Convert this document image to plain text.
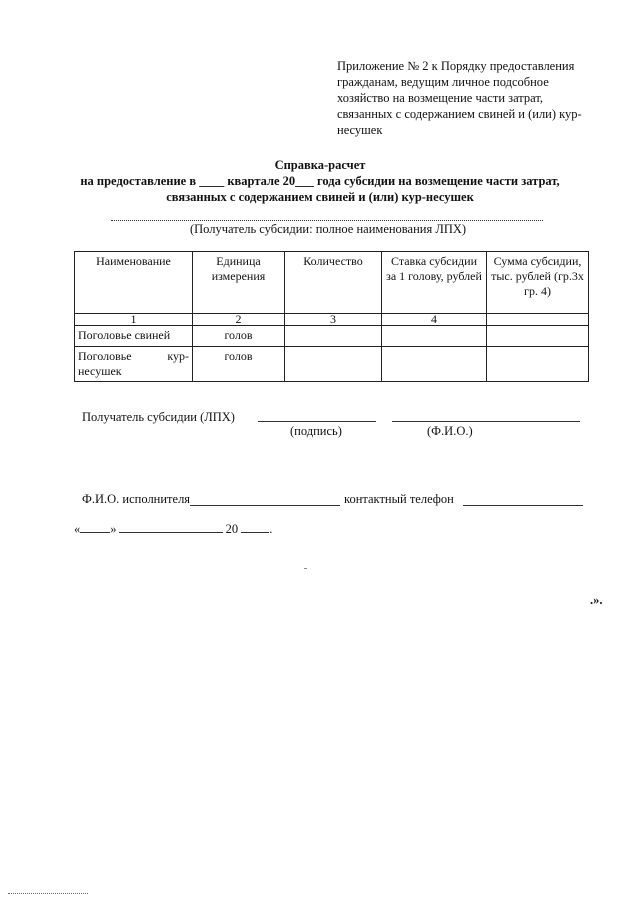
Приложение № 2 к Порядку предоставления
гражданам, ведущим личное подсобное
хозяйство на возмещение части затрат,
связанных с содержанием свиней и (или) кур-
несушек
Справка-расчет
на предоставление в ____ квартале 20___ года субсидии на возмещение части затрат,
связанных с содержанием свиней и (или) кур-несушек
(Получатель субсидии: полное наименования ЛПХ)
Наименование	Единица измерения	Количество	Ставка субсидии за 1 голову, рублей	Сумма субсидии, тыс. рублей (гр.3х гр. 4)
1	2	3	4	
Поголовье свиней	голов			

Поголовье кур-
несушек	голов			
Получатель субсидии (ЛПХ)
(подпись)	(Ф.И.О.)
Ф.И.О. исполнителя	контактный телефон
« »	20 .
.».
